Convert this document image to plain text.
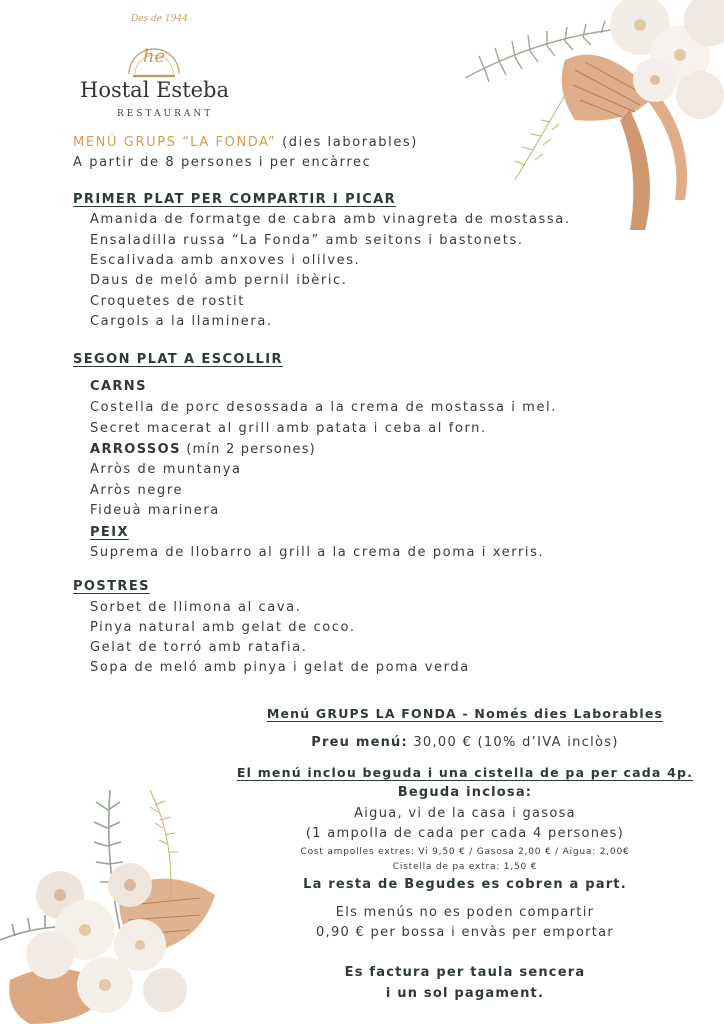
he
Des de 1944
Hostal Esteba
RESTAURANT
MENÚ GRUPS “LA FONDA” (dies laborables)
A partir de 8 persones i per encàrrec
PRIMER PLAT PER COMPARTIR I PICAR
Amanida de formatge de cabra amb vinagreta de mostassa.
Ensaladilla russa “La Fonda” amb seitons i bastonets.
Escalivada amb anxoves i olilves.
Daus de meló amb pernil ibèric.
Croquetes de rostit
Cargols a la llaminera.
SEGON PLAT A ESCOLLIR
CARNS
Costella de porc desossada a la crema de mostassa i mel.
Secret macerat al grill amb patata i ceba al forn.
ARROSSOS (mín 2 persones)
Arròs de muntanya
Arròs negre
Fideuà marinera
PEIX
Suprema de llobarro al grill a la crema de poma i xerris.
POSTRES
Sorbet de llimona al cava.
Pinya natural amb gelat de coco.
Gelat de torró amb ratafia.
Sopa de meló amb pinya i gelat de poma verda
Menú GRUPS LA FONDA - Només dies Laborables
Preu menú: 30,00 € (10% d’IVA inclòs)
El menú inclou beguda i una cistella de pa per cada 4p.
Beguda inclosa:
Aigua, vi de la casa i gasosa
(1 ampolla de cada per cada 4 persones)
Cost ampolles extres: Vi 9,50 € / Gasosa 2,00 € / Aigua: 2,00€
Cistella de pa extra: 1,50 €
La resta de Begudes es cobren a part.
Els menús no es poden compartir
0,90 € per bossa i envàs per emportar
Es factura per taula sencera
i un sol pagament.
